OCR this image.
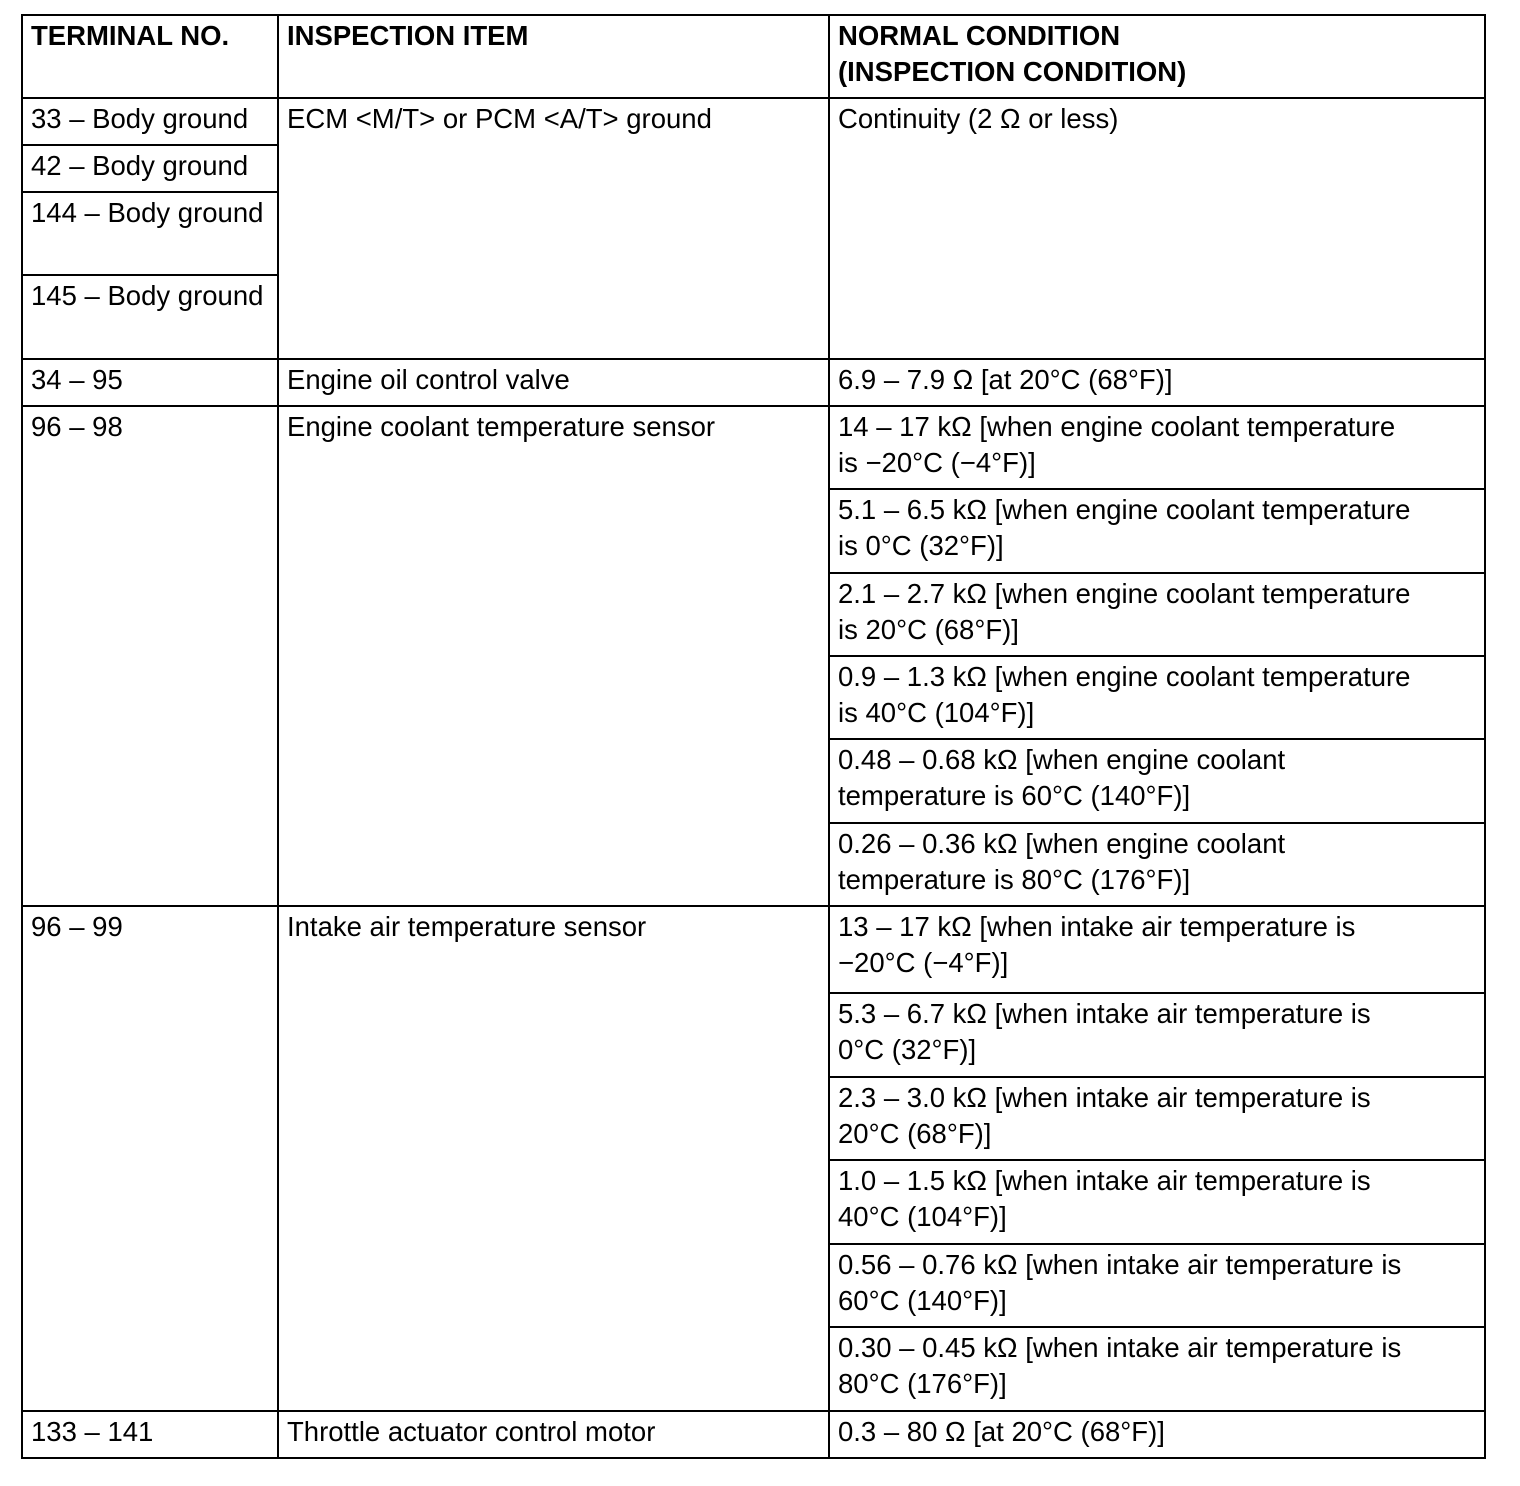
TERMINAL NO.	INSPECTION ITEM	NORMAL CONDITION
(INSPECTION CONDITION)

33 – Body ground	ECM <M/T> or PCM <A/T> ground	Continuity (2 Ω or less)
42 – Body ground		
144 – Body ground		
145 – Body ground		
34 – 95	Engine oil control valve	6.9 – 7.9 Ω [at 20°C (68°F)]
96 – 98	Engine coolant temperature sensor	14 – 17 kΩ [when engine coolant temperature
is −20°C (−4°F)]

		5.1 – 6.5 kΩ [when engine coolant temperature
is 0°C (32°F)]

		2.1 – 2.7 kΩ [when engine coolant temperature
is 20°C (68°F)]

		0.9 – 1.3 kΩ [when engine coolant temperature
is 40°C (104°F)]

		0.48 – 0.68 kΩ [when engine coolant
temperature is 60°C (140°F)]

		0.26 – 0.36 kΩ [when engine coolant
temperature is 80°C (176°F)]

96 – 99	Intake air temperature sensor	13 – 17 kΩ [when intake air temperature is
−20°C (−4°F)]

		5.3 – 6.7 kΩ [when intake air temperature is
0°C (32°F)]

		2.3 – 3.0 kΩ [when intake air temperature is
20°C (68°F)]

		1.0 – 1.5 kΩ [when intake air temperature is
40°C (104°F)]

		0.56 – 0.76 kΩ [when intake air temperature is
60°C (140°F)]

		0.30 – 0.45 kΩ [when intake air temperature is
80°C (176°F)]

133 – 141	Throttle actuator control motor	0.3 – 80 Ω [at 20°C (68°F)]
